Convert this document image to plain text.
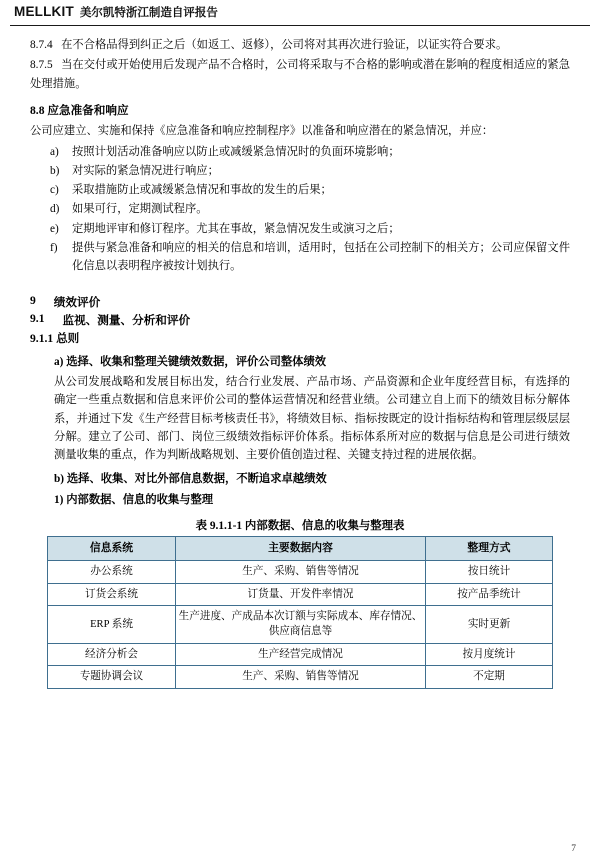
MELLKIT 美尔凯特浙江制造自评报告

8.7.4 在不合格品得到纠正之后（如返工、返修），公司将对其再次进行验证，以证实符合要求。

8.7.5 当在交付或开始使用后发现产品不合格时，公司将采取与不合格的影响或潜在影响的程度相适应的紧急处理措施。

8.8 应急准备和响应

公司应建立、实施和保持《应急准备和响应控制程序》以准备和响应潜在的紧急情况，并应：

a)	按照计划活动准备响应以防止或减缓紧急情况时的负面环境影响；
b)	对实际的紧急情况进行响应；
c)	采取措施防止或减缓紧急情况和事故的发生的后果；
d)	如果可行，定期测试程序。
e)	定期地评审和修订程序。尤其在事故，紧急情况发生或演习之后；
f)	提供与紧急准备和响应的相关的信息和培训，适用时，包括在公司控制下的相关方；公司应保留文件化信息以表明程序被按计划执行。
9 绩效评价
9.1 监视、测量、分析和评价
9.1.1 总则
a) 选择、收集和整理关键绩效数据，评价公司整体绩效

从公司发展战略和发展目标出发，结合行业发展、产品市场、产品资源和企业年度经营目标，有选择的确定一些重点数据和信息来评价公司的整体运营情况和经营业绩。公司建立自上而下的绩效目标分解体系，并通过下发《生产经营目标考核责任书》，将绩效目标、指标按既定的设计指标结构和管理层级层层分解。建立了公司、部门、岗位三级绩效指标评价体系。指标体系所对应的数据与信息是公司进行绩效测量收集的重点，作为判断战略规划、主要价值创造过程、关键支持过程的进展依据。

b) 选择、收集、对比外部信息数据，不断追求卓越绩效
1) 内部数据、信息的收集与整理
表 9.1.1-1 内部数据、信息的收集与整理表
信息系统	主要数据内容	整理方式
办公系统	生产、采购、销售等情况	按日统计
订货会系统	订货量、开发件率情况	按产品季统计
ERP 系统	生产进度、产成品本次订额与实际成本、库存情况、供应商信息等	实时更新
经济分析会	生产经营完成情况	按月度统计
专题协调会议	生产、采购、销售等情况	不定期
7
